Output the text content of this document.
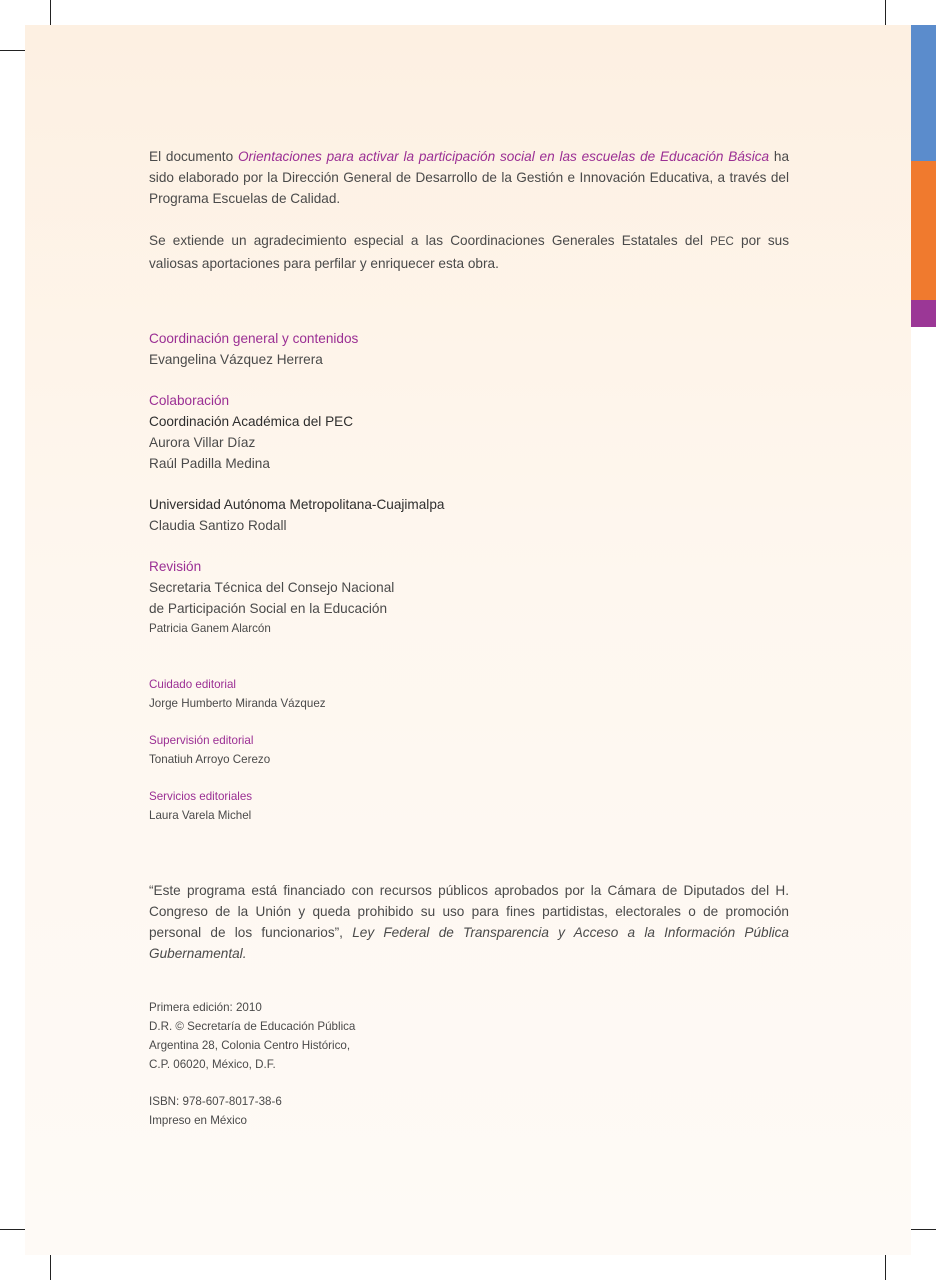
El documento Orientaciones para activar la participación social en las escuelas de Educación Básica ha sido elaborado por la Dirección General de Desarrollo de la Gestión e Innovación Educativa, a través del Programa Escuelas de Calidad.

Se extiende un agradecimiento especial a las Coordinaciones Generales Estatales del PEC por sus valiosas aportaciones para perfilar y enriquecer esta obra.

Coordinación general y contenidos
Evangelina Vázquez Herrera
Colaboración
Coordinación Académica del PEC
Aurora Villar Díaz
Raúl Padilla Medina
Universidad Autónoma Metropolitana-Cuajimalpa
Claudia Santizo Rodall
Revisión
Secretaria Técnica del Consejo Nacional
de Participación Social en la Educación
Patricia Ganem Alarcón
Cuidado editorial
Jorge Humberto Miranda Vázquez
Supervisión editorial
Tonatiuh Arroyo Cerezo
Servicios editoriales
Laura Varela Michel

“Este programa está financiado con recursos públicos aprobados por la Cámara de Diputados del H. Congreso de la Unión y queda prohibido su uso para fines partidistas, electorales o de promoción personal de los funcionarios”, Ley Federal de Transparencia y Acceso a la Información Pública Gubernamental.

Primera edición: 2010
D.R. © Secretaría de Educación Pública
Argentina 28, Colonia Centro Histórico,
C.P. 06020, México, D.F.
ISBN: 978-607-8017-38-6
Impreso en México
